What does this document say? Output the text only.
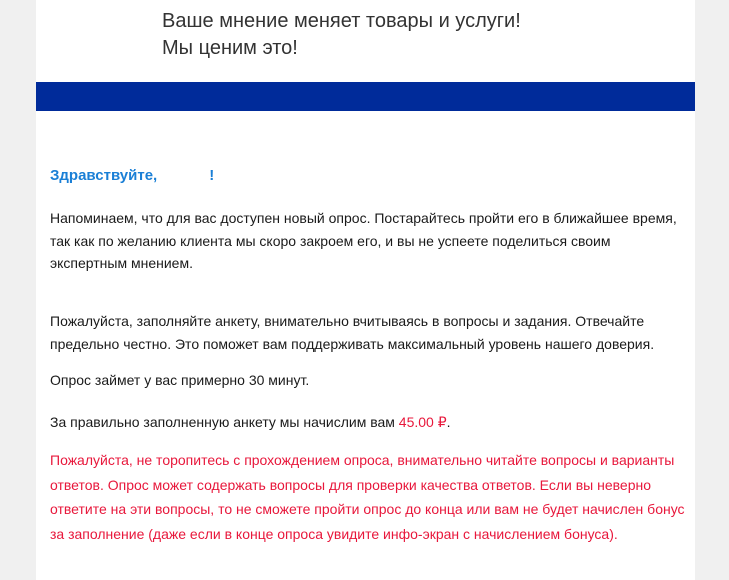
Ваше мнение меняет товары и услуги!
Мы ценим это!
Здравствуйте,	!
Напоминаем, что для вас доступен новый опрос. Постарайтесь пройти его в ближайшее время, так как по желанию клиента мы скоро закроем его, и вы не успеете поделиться своим экспертным мнением.
Пожалуйста, заполняйте анкету, внимательно вчитываясь в вопросы и задания. Отвечайте предельно честно. Это поможет вам поддерживать максимальный уровень нашего доверия.
Опрос займет у вас примерно 30 минут.
За правильно заполненную анкету мы начислим вам 45.00 ₽.
Пожалуйста, не торопитесь с прохождением опроса, внимательно читайте вопросы и варианты ответов. Опрос может содержать вопросы для проверки качества ответов. Если вы неверно ответите на эти вопросы, то не сможете пройти опрос до конца или вам не будет начислен бонус за заполнение (даже если в конце опроса увидите инфо-экран с начислением бонуса).
